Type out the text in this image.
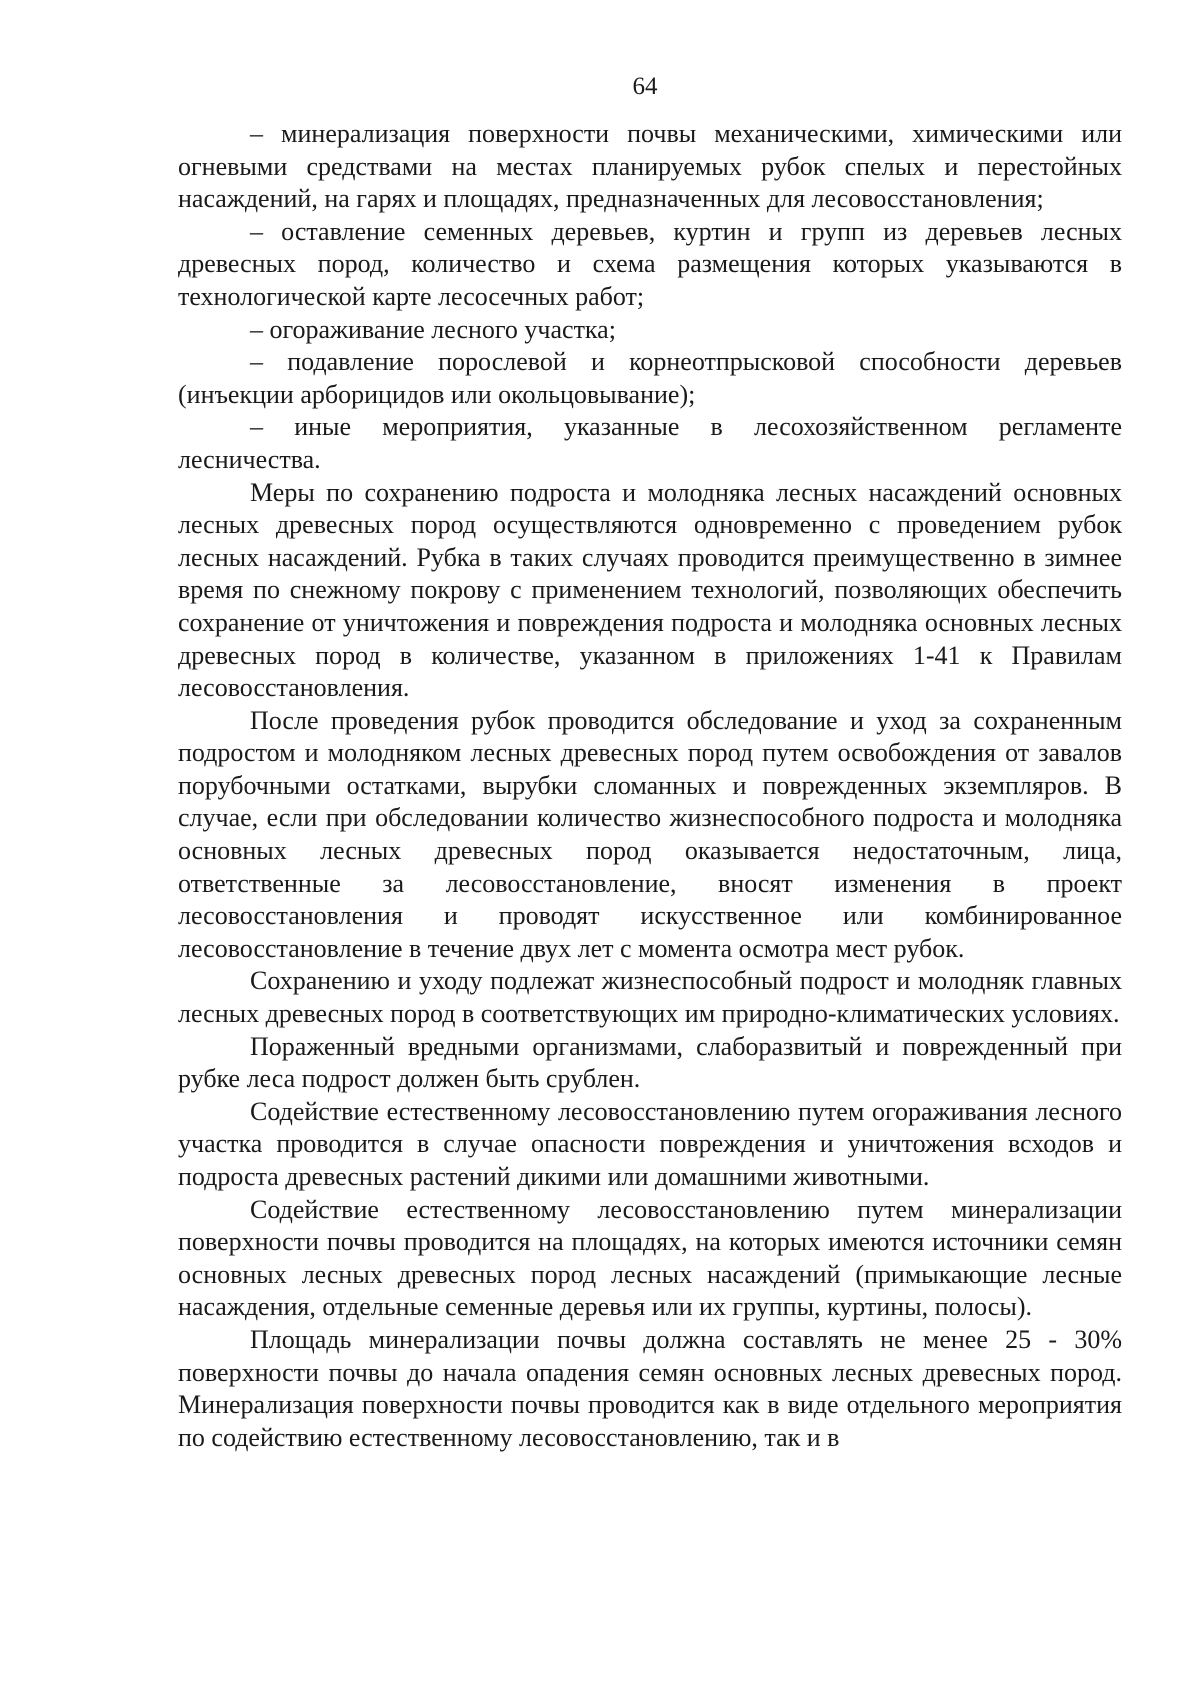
64

– минерализация поверхности почвы механическими, химическими или огневыми средствами на местах планируемых рубок спелых и перестойных насаждений, на гарях и площадях, предназначенных для лесовосстановления;

– оставление семенных деревьев, куртин и групп из деревьев лесных древесных пород, количество и схема размещения которых указываются в технологической карте лесосечных работ;

– огораживание лесного участка;

– подавление порослевой и корнеотпрысковой способности деревьев (инъекции арборицидов или окольцовывание);

– иные мероприятия, указанные в лесохозяйственном регламенте лесничества.

Меры по сохранению подроста и молодняка лесных насаждений основных лесных древесных пород осуществляются одновременно с проведением рубок лесных насаждений. Рубка в таких случаях проводится преимущественно в зимнее время по снежному покрову с применением технологий, позволяющих обеспечить сохранение от уничтожения и повреждения подроста и молодняка основных лесных древесных пород в количестве, указанном в приложениях 1-41 к Правилам лесовосстановления.

После проведения рубок проводится обследование и уход за сохраненным подростом и молодняком лесных древесных пород путем освобождения от завалов порубочными остатками, вырубки сломанных и поврежденных экземпляров. В случае, если при обследовании количество жизнеспособного подроста и молодняка основных лесных древесных пород оказывается недостаточным, лица, ответственные за лесовосстановление, вносят изменения в проект лесовосстановления и проводят искусственное или комбинированное лесовосстановление в течение двух лет с момента осмотра мест рубок.

Сохранению и уходу подлежат жизнеспособный подрост и молодняк главных лесных древесных пород в соответствующих им природно-климатических условиях.

Пораженный вредными организмами, слаборазвитый и поврежденный при рубке леса подрост должен быть срублен.

Содействие естественному лесовосстановлению путем огораживания лесного участка проводится в случае опасности повреждения и уничтожения всходов и подроста древесных растений дикими или домашними животными.

Содействие естественному лесовосстановлению путем минерализации поверхности почвы проводится на площадях, на которых имеются источники семян основных лесных древесных пород лесных насаждений (примыкающие лесные насаждения, отдельные семенные деревья или их группы, куртины, полосы).

Площадь минерализации почвы должна составлять не менее 25 - 30% поверхности почвы до начала опадения семян основных лесных древесных пород. Минерализация поверхности почвы проводится как в виде отдельного мероприятия по содействию естественному лесовосстановлению, так и в
